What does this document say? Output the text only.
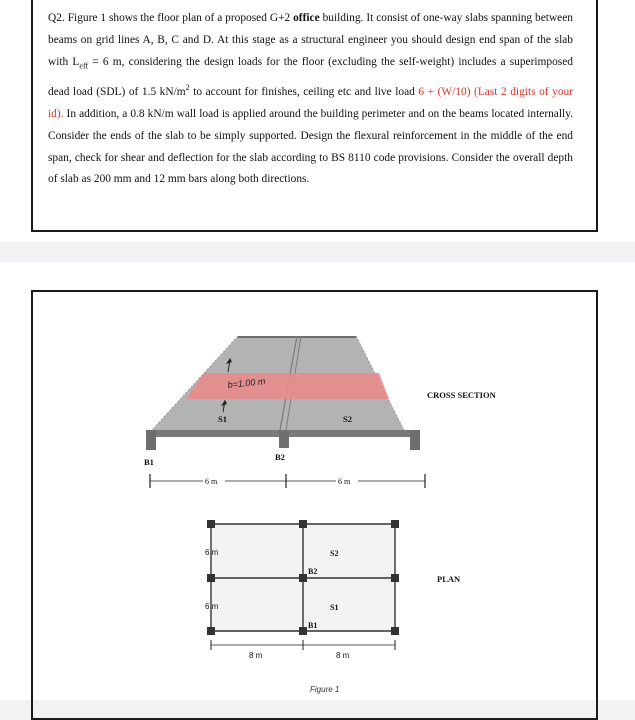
Q2. Figure 1 shows the floor plan of a proposed G+2 office building. It consist of one-way slabs spanning between beams on grid lines A, B, C and D. At this stage as a structural engineer you should design end span of the slab with $L_{eff} = 6$ m, considering the design loads for the floor (excluding the self-weight) includes a superimposed dead load (SDL) of 1.5 $kN/m^2$ to account for finishes, ceiling etc and live load 6 + (W/10) (Last 2 digits of your id). In addition, a 0.8 kN/m wall load is applied around the building perimeter and on the beams located internally. Consider the ends of the slab to be simply supported. Design the flexural reinforcement in the middle of the end span, check for shear and deflection for the slab according to BS 8110 code provisions. Consider the overall depth of slab as 200 mm and 12 mm bars along both directions.
b=1.00 m
S1	S2
B1	B2
CROSS SECTION
6 m	6 m
S2
B2
S1
B1
6 m
6 m
PLAN
8 m	8 m
Figure 1
